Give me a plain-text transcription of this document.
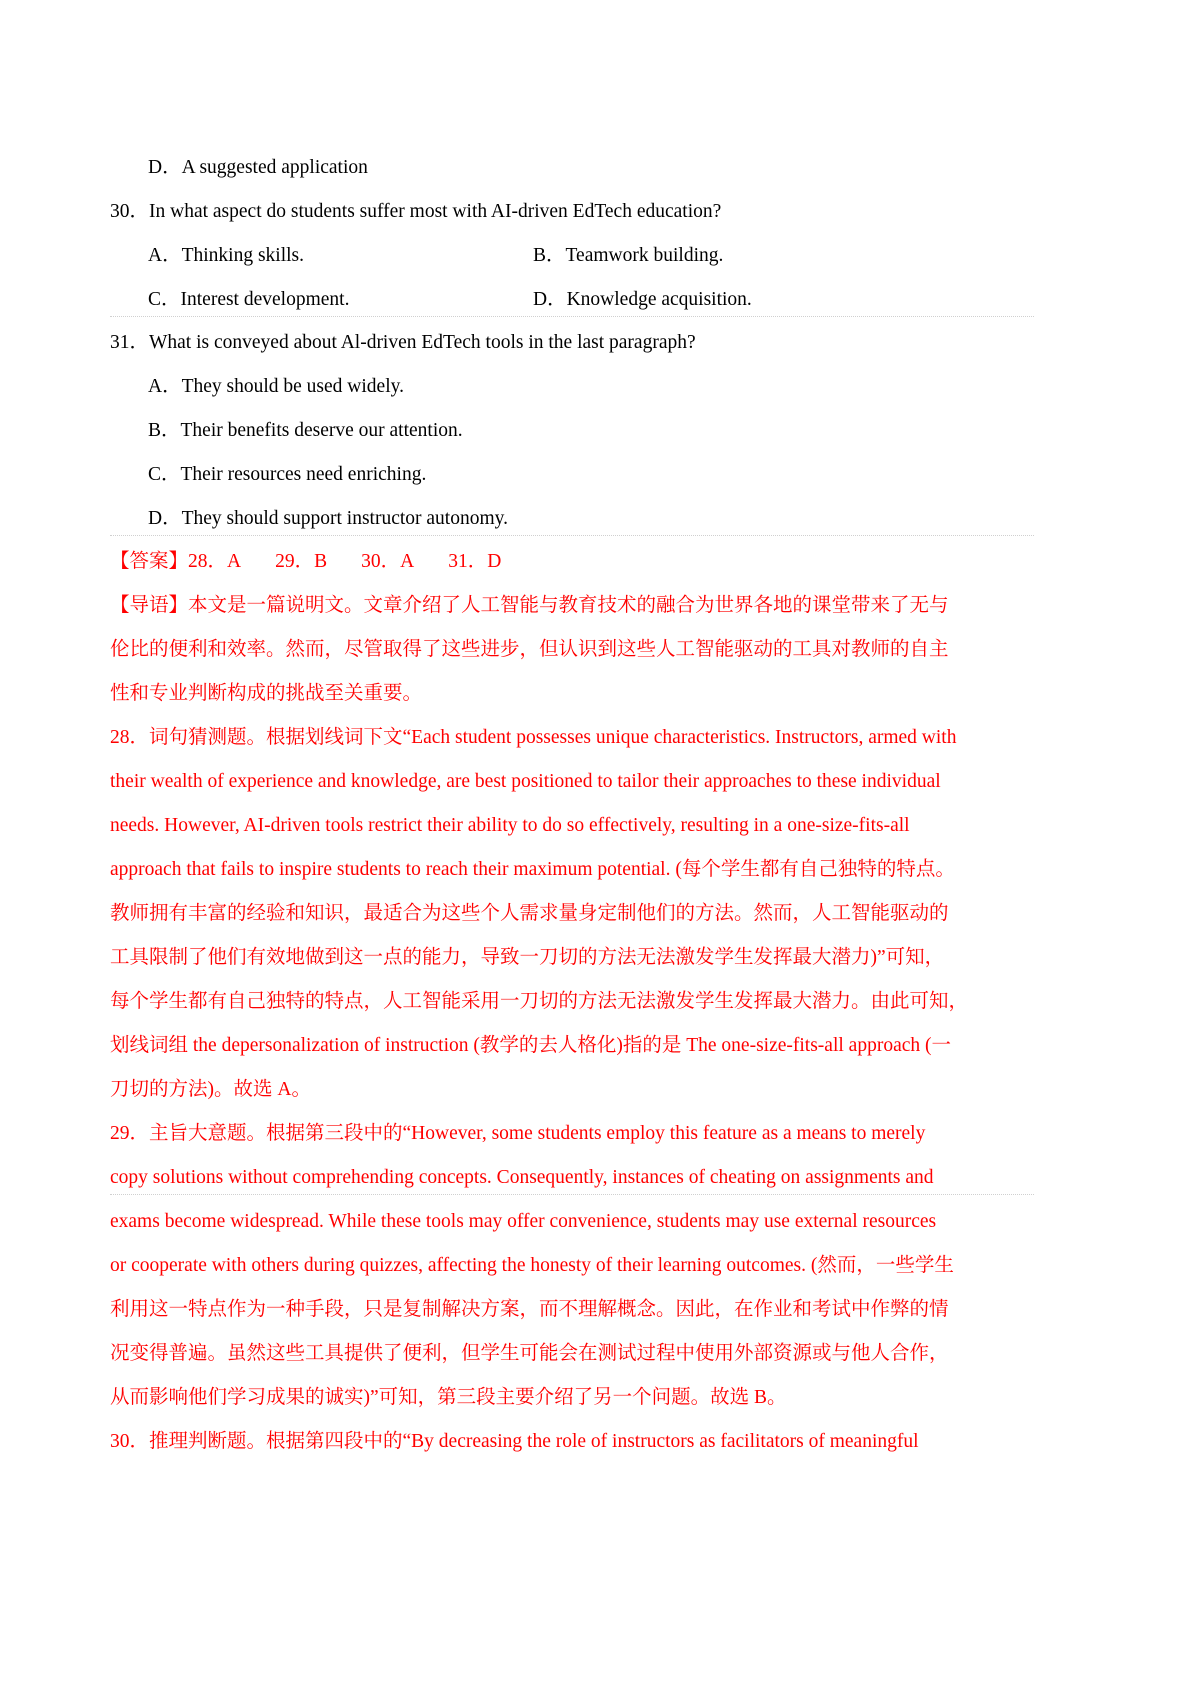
D．A suggested application
30．In what aspect do students suffer most with AI-driven EdTech education?
A．Thinking skills.	B．Teamwork building.
C．Interest development.	D．Knowledge acquisition.
31．What is conveyed about Al-driven EdTech tools in the last paragraph?
A．They should be used widely.
B．Their benefits deserve our attention.
C．Their resources need enriching.
D．They should support instructor autonomy.
【答案】28．A 29．B 30．A 31．D
【导语】本文是一篇说明文。文章介绍了人工智能与教育技术的融合为世界各地的课堂带来了无与
伦比的便利和效率。然而，尽管取得了这些进步，但认识到这些人工智能驱动的工具对教师的自主
性和专业判断构成的挑战至关重要。
28．词句猜测题。根据划线词下文“Each student possesses unique characteristics. Instructors, armed with
their wealth of experience and knowledge, are best positioned to tailor their approaches to these individual
needs. However, AI-driven tools restrict their ability to do so effectively, resulting in a one-size-fits-all
approach that fails to inspire students to reach their maximum potential. (每个学生都有自己独特的特点。
教师拥有丰富的经验和知识，最适合为这些个人需求量身定制他们的方法。然而，人工智能驱动的
工具限制了他们有效地做到这一点的能力，导致一刀切的方法无法激发学生发挥最大潜力)”可知，
每个学生都有自己独特的特点，人工智能采用一刀切的方法无法激发学生发挥最大潜力。由此可知，
划线词组 the depersonalization of instruction (教学的去人格化)指的是 The one-size-fits-all approach (一
刀切的方法)。故选 A。
29．主旨大意题。根据第三段中的“However, some students employ this feature as a means to merely
copy solutions without comprehending concepts. Consequently, instances of cheating on assignments and
exams become widespread. While these tools may offer convenience, students may use external resources
or cooperate with others during quizzes, affecting the honesty of their learning outcomes. (然而，一些学生
利用这一特点作为一种手段，只是复制解决方案，而不理解概念。因此，在作业和考试中作弊的情
况变得普遍。虽然这些工具提供了便利，但学生可能会在测试过程中使用外部资源或与他人合作，
从而影响他们学习成果的诚实)”可知，第三段主要介绍了另一个问题。故选 B。
30．推理判断题。根据第四段中的“By decreasing the role of instructors as facilitators of meaningful
